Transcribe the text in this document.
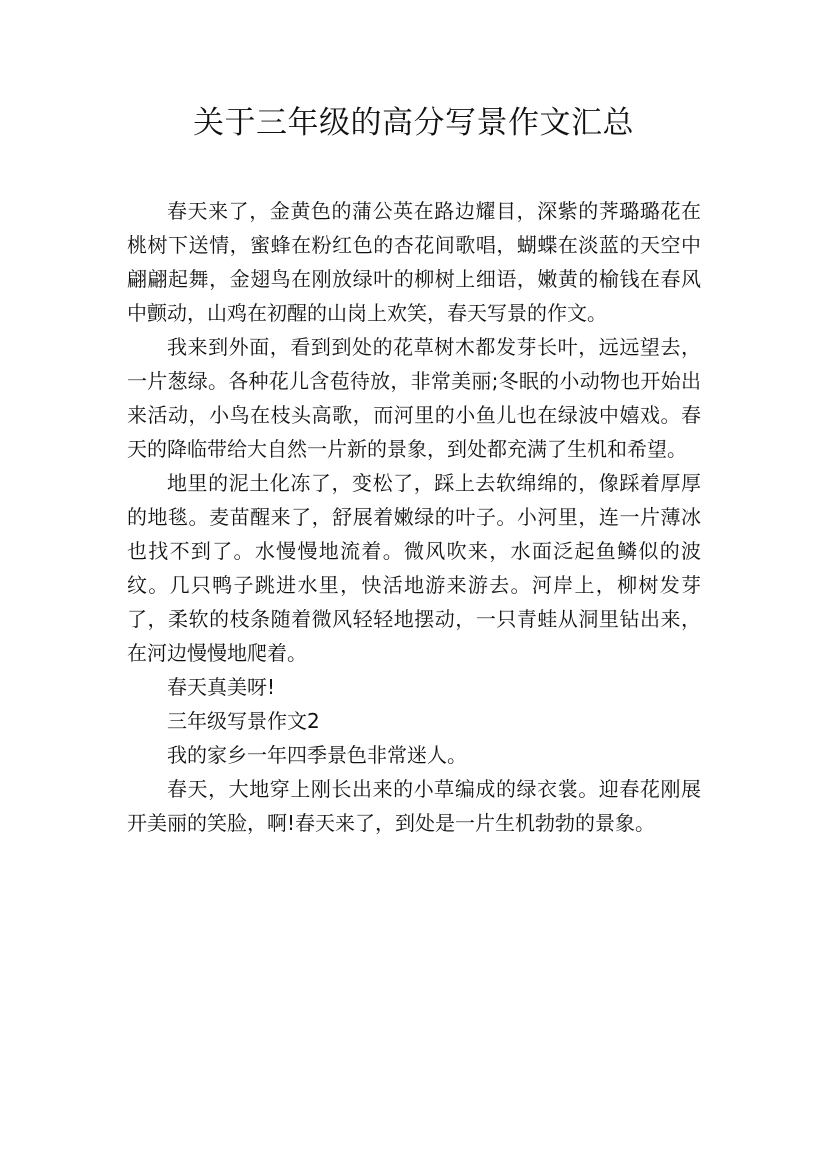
关于三年级的高分写景作文汇总

春天来了，金黄色的蒲公英在路边耀目，深紫的荠璐璐花在桃树下送情，蜜蜂在粉红色的杏花间歌唱，蝴蝶在淡蓝的天空中翩翩起舞，金翅鸟在刚放绿叶的柳树上细语，嫩黄的榆钱在春风中颤动，山鸡在初醒的山岗上欢笑，春天写景的作文。

我来到外面，看到到处的花草树木都发芽长叶，远远望去，一片葱绿。各种花儿含苞待放，非常美丽;冬眠的小动物也开始出来活动，小鸟在枝头高歌，而河里的小鱼儿也在绿波中嬉戏。春天的降临带给大自然一片新的景象，到处都充满了生机和希望。

地里的泥土化冻了，变松了，踩上去软绵绵的，像踩着厚厚的地毯。麦苗醒来了，舒展着嫩绿的叶子。小河里，连一片薄冰也找不到了。水慢慢地流着。微风吹来，水面泛起鱼鳞似的波纹。几只鸭子跳进水里，快活地游来游去。河岸上，柳树发芽了，柔软的枝条随着微风轻轻地摆动，一只青蛙从洞里钻出来，在河边慢慢地爬着。

春天真美呀!

三年级写景作文2

我的家乡一年四季景色非常迷人。

春天，大地穿上刚长出来的小草编成的绿衣裳。迎春花刚展开美丽的笑脸，啊!春天来了，到处是一片生机勃勃的景象。
